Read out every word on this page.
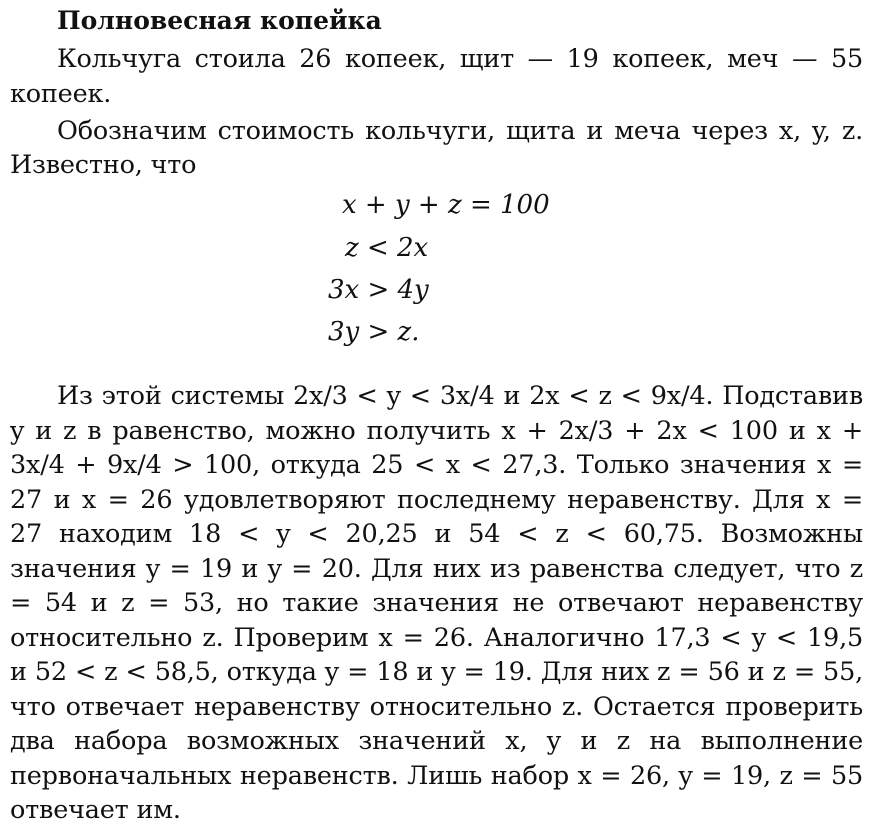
Полновесная копейка

Кольчуга стоила 26 копеек, щит — 19 копеек, меч — 55 копеек.

Обозначим стоимость кольчуги, щита и меча через x, y, z. Известно, что

x + y + z = 100
z < 2x
3x > 4y
3y > z.

Из этой системы 2x/3 < y < 3x/4 и 2x < z < 9x/4. Подставив y и z в равенство, можно получить x + 2x/3 + 2x < 100 и x + 3x/4 + 9x/4 > 100, откуда 25 < x < 27,3. Только значения x = 27 и x = 26 удовлетворяют последнему неравенству. Для x = 27 находим 18 < y < 20,25 и 54 < z < 60,75. Возможны значения y = 19 и y = 20. Для них из равенства следует, что z = 54 и z = 53, но такие значения не отвечают неравенству относительно z. Проверим x = 26. Аналогично 17,3 < y < 19,5 и 52 < z < 58,5, откуда y = 18 и y = 19. Для них z = 56 и z = 55, что отвечает неравенству относительно z. Остается проверить два набора возможных значений x, y и z на выполнение первоначальных неравенств. Лишь набор x = 26, y = 19, z = 55 отвечает им.
